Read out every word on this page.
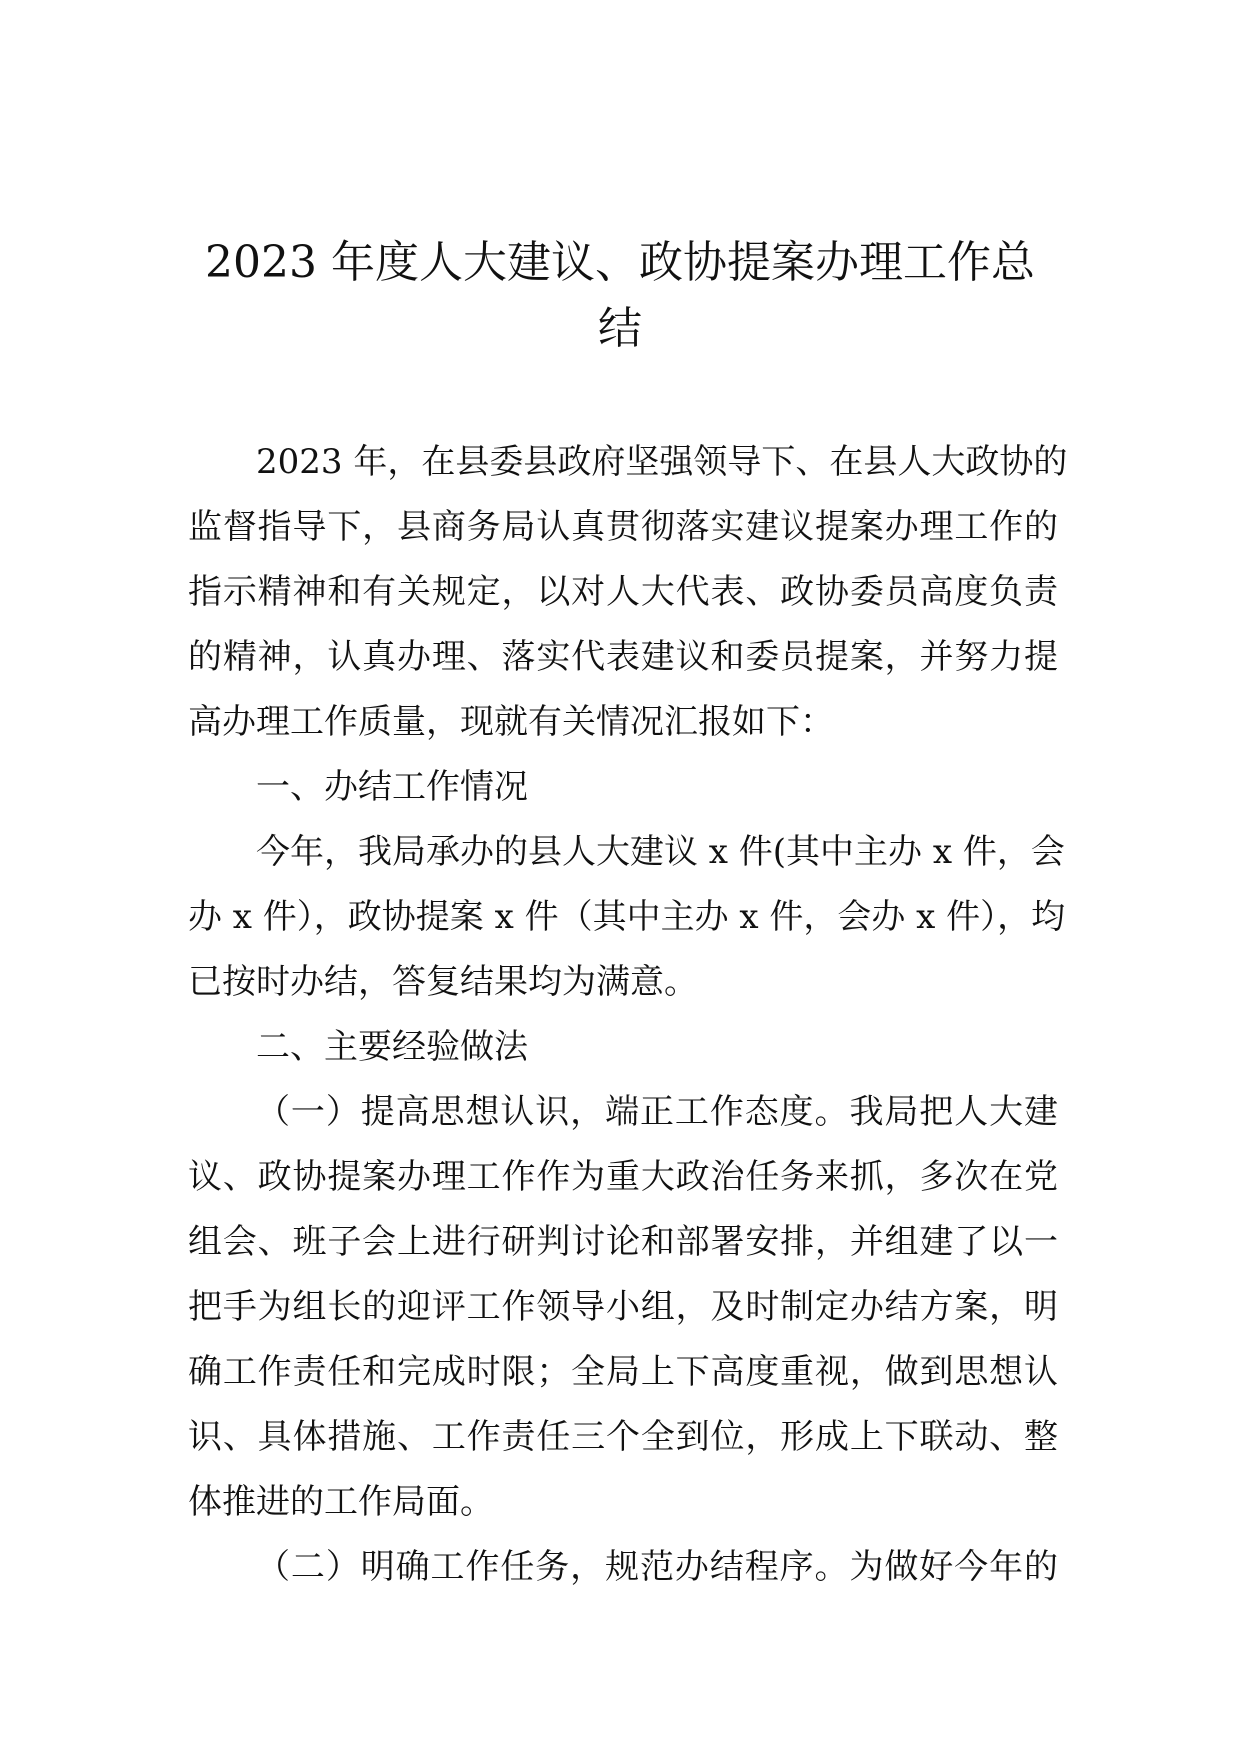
2023 年度人大建议、政协提案办理工作总
结
2023 年，在县委县政府坚强领导下、在县人大政协的
监督指导下，县商务局认真贯彻落实建议提案办理工作的
指示精神和有关规定，以对人大代表、政协委员高度负责
的精神，认真办理、落实代表建议和委员提案，并努力提
高办理工作质量，现就有关情况汇报如下：
一、办结工作情况
今年，我局承办的县人大建议 x 件(其中主办 x 件，会
办 x 件），政协提案 x 件（其中主办 x 件，会办 x 件），均
已按时办结，答复结果均为满意。
二、主要经验做法
（一）提高思想认识，端正工作态度。我局把人大建
议、政协提案办理工作作为重大政治任务来抓，多次在党
组会、班子会上进行研判讨论和部署安排，并组建了以一
把手为组长的迎评工作领导小组，及时制定办结方案，明
确工作责任和完成时限；全局上下高度重视，做到思想认
识、具体措施、工作责任三个全到位，形成上下联动、整
体推进的工作局面。
（二）明确工作任务，规范办结程序。为做好今年的
